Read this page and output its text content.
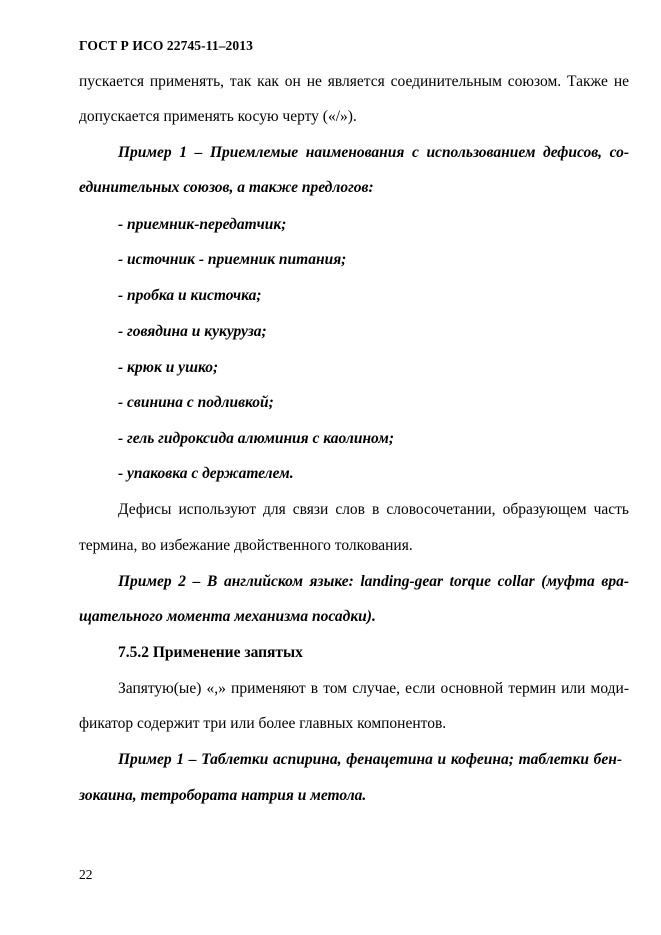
ГОСТ Р ИСО 22745-11–2013
пускается применять, так как он не является соединительным союзом. Также не
допускается применять косую черту («/»).
Пример 1 – Приемлемые наименования с использованием дефисов, со-
единительных союзов, а также предлогов:
- приемник-передатчик;
- источник - приемник питания;
- пробка и кисточка;
- говядина и кукуруза;
- крюк и ушко;
- свинина с подливкой;
- гель гидроксида алюминия с каолином;
- упаковка с держателем.
Дефисы используют для связи слов в словосочетании, образующем часть
термина, во избежание двойственного толкования.
Пример 2 – В английском языке: landing-gear torque collar (муфта вра-
щательного момента механизма посадки).
7.5.2 Применение запятых
Запятую(ые) «,» применяют в том случае, если основной термин или моди-
фикатор содержит три или более главных компонентов.
Пример 1 – Таблетки аспирина, фенацетина и кофеина; таблетки бен-
зокаина, тетробората натрия и метола.
22
